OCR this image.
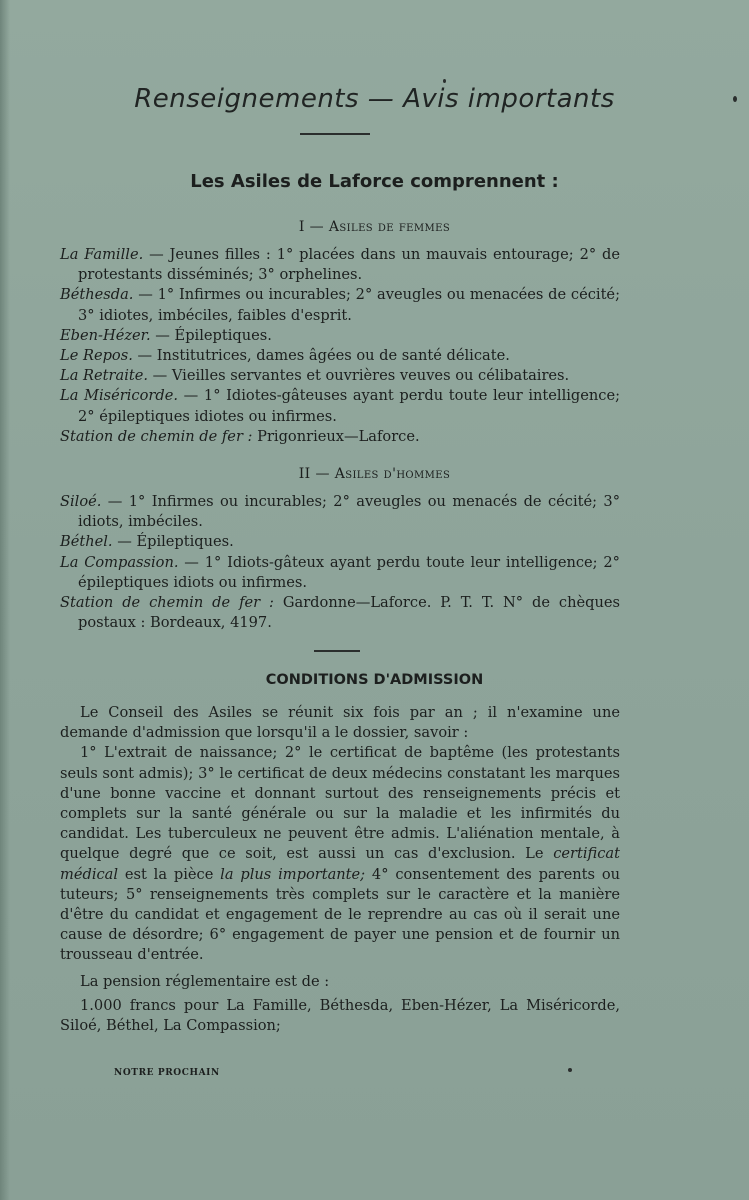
Renseignements — Avis importants
Les Asiles de Laforce comprennent :
I — Asiles de femmes
La Famille. — Jeunes filles : 1° placées dans un mauvais entourage; 2° de protestants disséminés; 3° orphelines.
Béthesda. — 1° Infirmes ou incurables; 2° aveugles ou menacées de cécité; 3° idiotes, imbéciles, faibles d'esprit.
Eben-Hézer. — Épileptiques.
Le Repos. — Institutrices, dames âgées ou de santé délicate.
La Retraite. — Vieilles servantes et ouvrières veuves ou célibataires.
La Miséricorde. — 1° Idiotes-gâteuses ayant perdu toute leur intelligence; 2° épileptiques idiotes ou infirmes.
Station de chemin de fer : Prigonrieux—Laforce.
II — Asiles d'hommes
Siloé. — 1° Infirmes ou incurables; 2° aveugles ou menacés de cécité; 3° idiots, imbéciles.
Béthel. — Épileptiques.
La Compassion. — 1° Idiots-gâteux ayant perdu toute leur intelligence; 2° épileptiques idiots ou infirmes.
Station de chemin de fer : Gardonne—Laforce. P. T. T. N° de chèques postaux : Bordeaux, 4197.
CONDITIONS D'ADMISSION

Le Conseil des Asiles se réunit six fois par an ; il n'examine une demande d'admission que lorsqu'il a le dossier, savoir :

1° L'extrait de naissance; 2° le certificat de baptême (les protestants seuls sont admis); 3° le certificat de deux médecins constatant les marques d'une bonne vaccine et donnant surtout des renseignements précis et complets sur la santé générale ou sur la maladie et les infirmités du candidat. Les tuberculeux ne peuvent être admis. L'aliénation mentale, à quelque degré que ce soit, est aussi un cas d'exclusion. Le certificat médical est la pièce la plus importante; 4° consentement des parents ou tuteurs; 5° renseignements très complets sur le caractère et la manière d'être du candidat et engagement de le reprendre au cas où il serait une cause de désordre; 6° engagement de payer une pension et de fournir un trousseau d'entrée.

La pension réglementaire est de :

1.000 francs pour La Famille, Béthesda, Eben-Hézer, La Miséricorde, Siloé, Béthel, La Compassion;

NOTRE PROCHAIN
